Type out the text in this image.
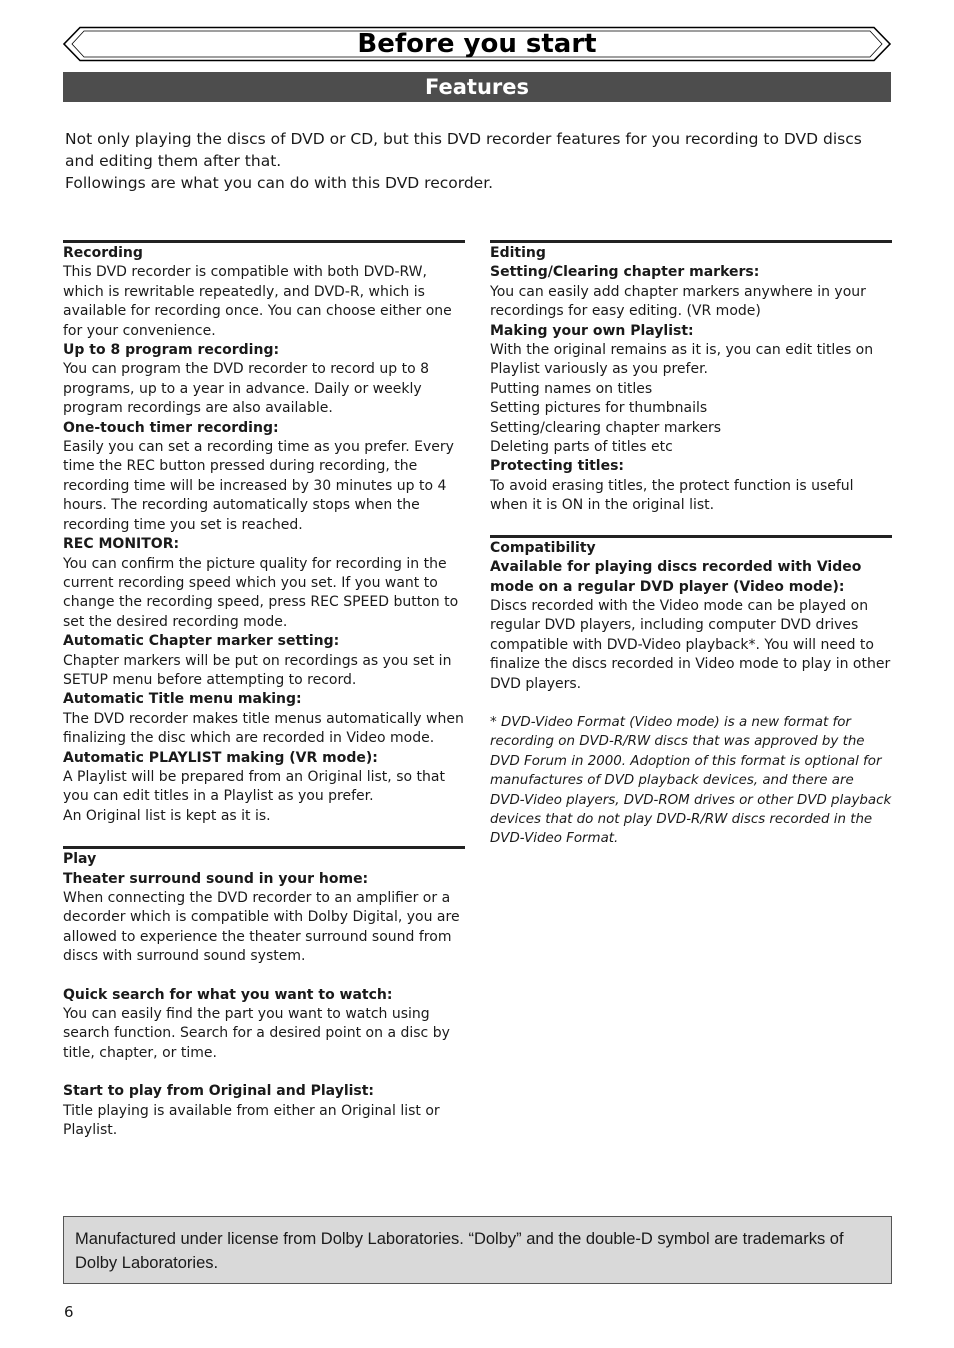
Before you start
Features

Not only playing the discs of DVD or CD, but this DVD recorder features for you recording to DVD discs and editing them after that.

Followings are what you can do with this DVD recorder.

Recording
This DVD recorder is compatible with both DVD-RW, which is rewritable repeatedly, and DVD-R, which is available for recording once. You can choose either one for your convenience.
Up to 8 program recording:
You can program the DVD recorder to record up to 8 programs, up to a year in advance. Daily or weekly program recordings are also available.
One-touch timer recording:
Easily you can set a recording time as you prefer. Every time the REC button pressed during recording, the recording time will be increased by 30 minutes up to 4 hours. The recording automatically stops when the recording time you set is reached.
REC MONITOR:
You can confirm the picture quality for recording in the current recording speed which you set. If you want to change the recording speed, press REC SPEED button to set the desired recording mode.
Automatic Chapter marker setting:
Chapter markers will be put on recordings as you set in SETUP menu before attempting to record.
Automatic Title menu making:
The DVD recorder makes title menus automatically when finalizing the disc which are recorded in Video mode.
Automatic PLAYLIST making (VR mode):
A Playlist will be prepared from an Original list, so that you can edit titles in a Playlist as you prefer.
An Original list is kept as it is.
Play
Theater surround sound in your home:
When connecting the DVD recorder to an amplifier or a decorder which is compatible with Dolby Digital, you are allowed to experience the theater surround sound from discs with surround sound system.
Quick search for what you want to watch:
You can easily find the part you want to watch using search function. Search for a desired point on a disc by title, chapter, or time.
Start to play from Original and Playlist:
Title playing is available from either an Original list or Playlist.
Editing
Setting/Clearing chapter markers:
You can easily add chapter markers anywhere in your recordings for easy editing. (VR mode)
Making your own Playlist:
With the original remains as it is, you can edit titles on Playlist variously as you prefer.
Putting names on titles
Setting pictures for thumbnails
Setting/clearing chapter markers
Deleting parts of titles etc
Protecting titles:
To avoid erasing titles, the protect function is useful when it is ON in the original list.
Compatibility
Available for playing discs recorded with Video mode on a regular DVD player (Video mode):
Discs recorded with the Video mode can be played on regular DVD players, including computer DVD drives compatible with DVD-Video playback*. You will need to finalize the discs recorded in Video mode to play in other DVD players.
* DVD-Video Format (Video mode) is a new format for recording on DVD-R/RW discs that was approved by the DVD Forum in 2000. Adoption of this format is optional for manufactures of DVD playback devices, and there are DVD-Video players, DVD-ROM drives or other DVD playback devices that do not play DVD-R/RW discs recorded in the DVD-Video Format.
Manufactured under license from Dolby Laboratories. “Dolby” and the double-D symbol are trademarks of Dolby Laboratories.
6
